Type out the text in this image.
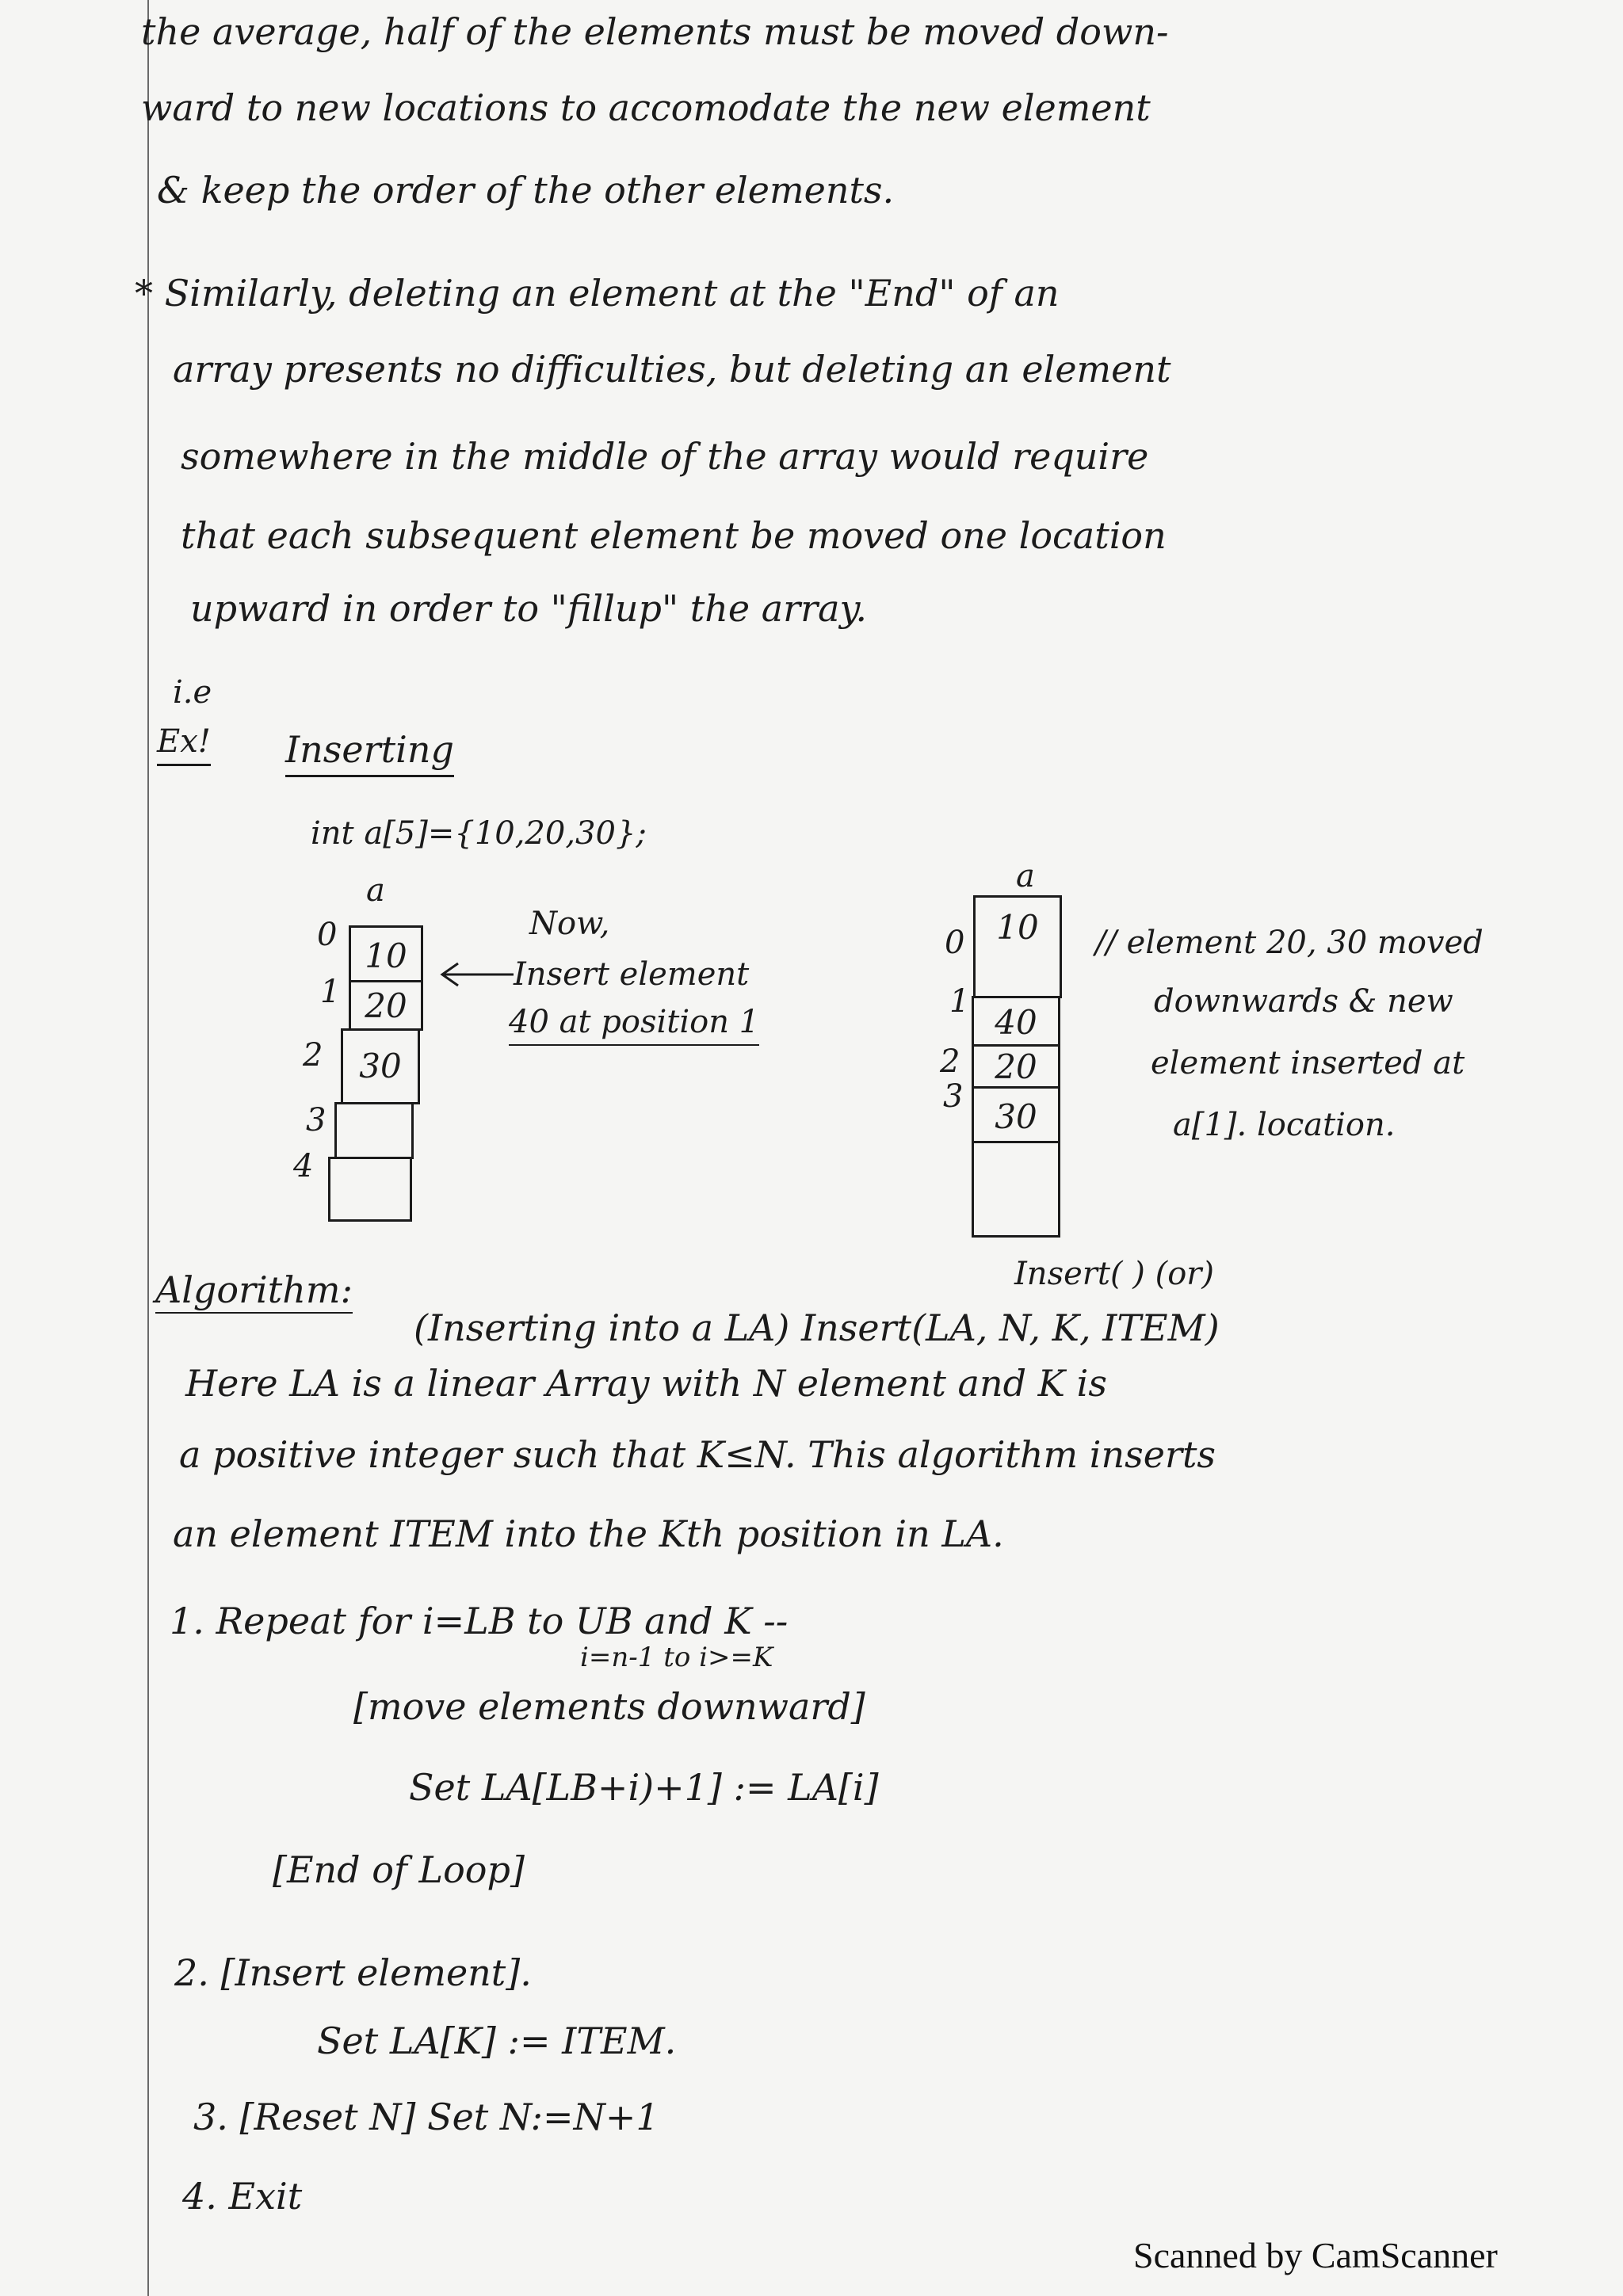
the average, half of the elements must be moved down-
ward to new locations to accomodate the new element
& keep the order of the other elements.
* Similarly, deleting an element at the "End" of an
array presents no difficulties, but deleting an element
somewhere in the middle of the array would require
that each subsequent element be moved one location
upward in order to "fillup" the array.
i.e
Ex! Inserting
int a[5]={10,20,30};
a
0
1
2
3
4
10
20
30
Now,
Insert element
40 at position 1
a
0
1
2
3
10
40
20
30
// element 20, 30 moved
downwards & new
element inserted at
a[1]. location.
Insert( ) (or)
Algorithm:
(Inserting into a LA) Insert(LA, N, K, ITEM)
Here LA is a linear Array with N element and K is
a positive integer such that K≤N. This algorithm inserts
an element ITEM into the Kth position in LA.
1. Repeat for i=LB to UB and K --
i=n-1 to i>=K
[move elements downward]
Set LA[LB+i)+1] := LA[i]
[End of Loop]
2. [Insert element].
Set LA[K] := ITEM.
3. [Reset N] Set N:=N+1
4. Exit
Scanned by CamScanner
